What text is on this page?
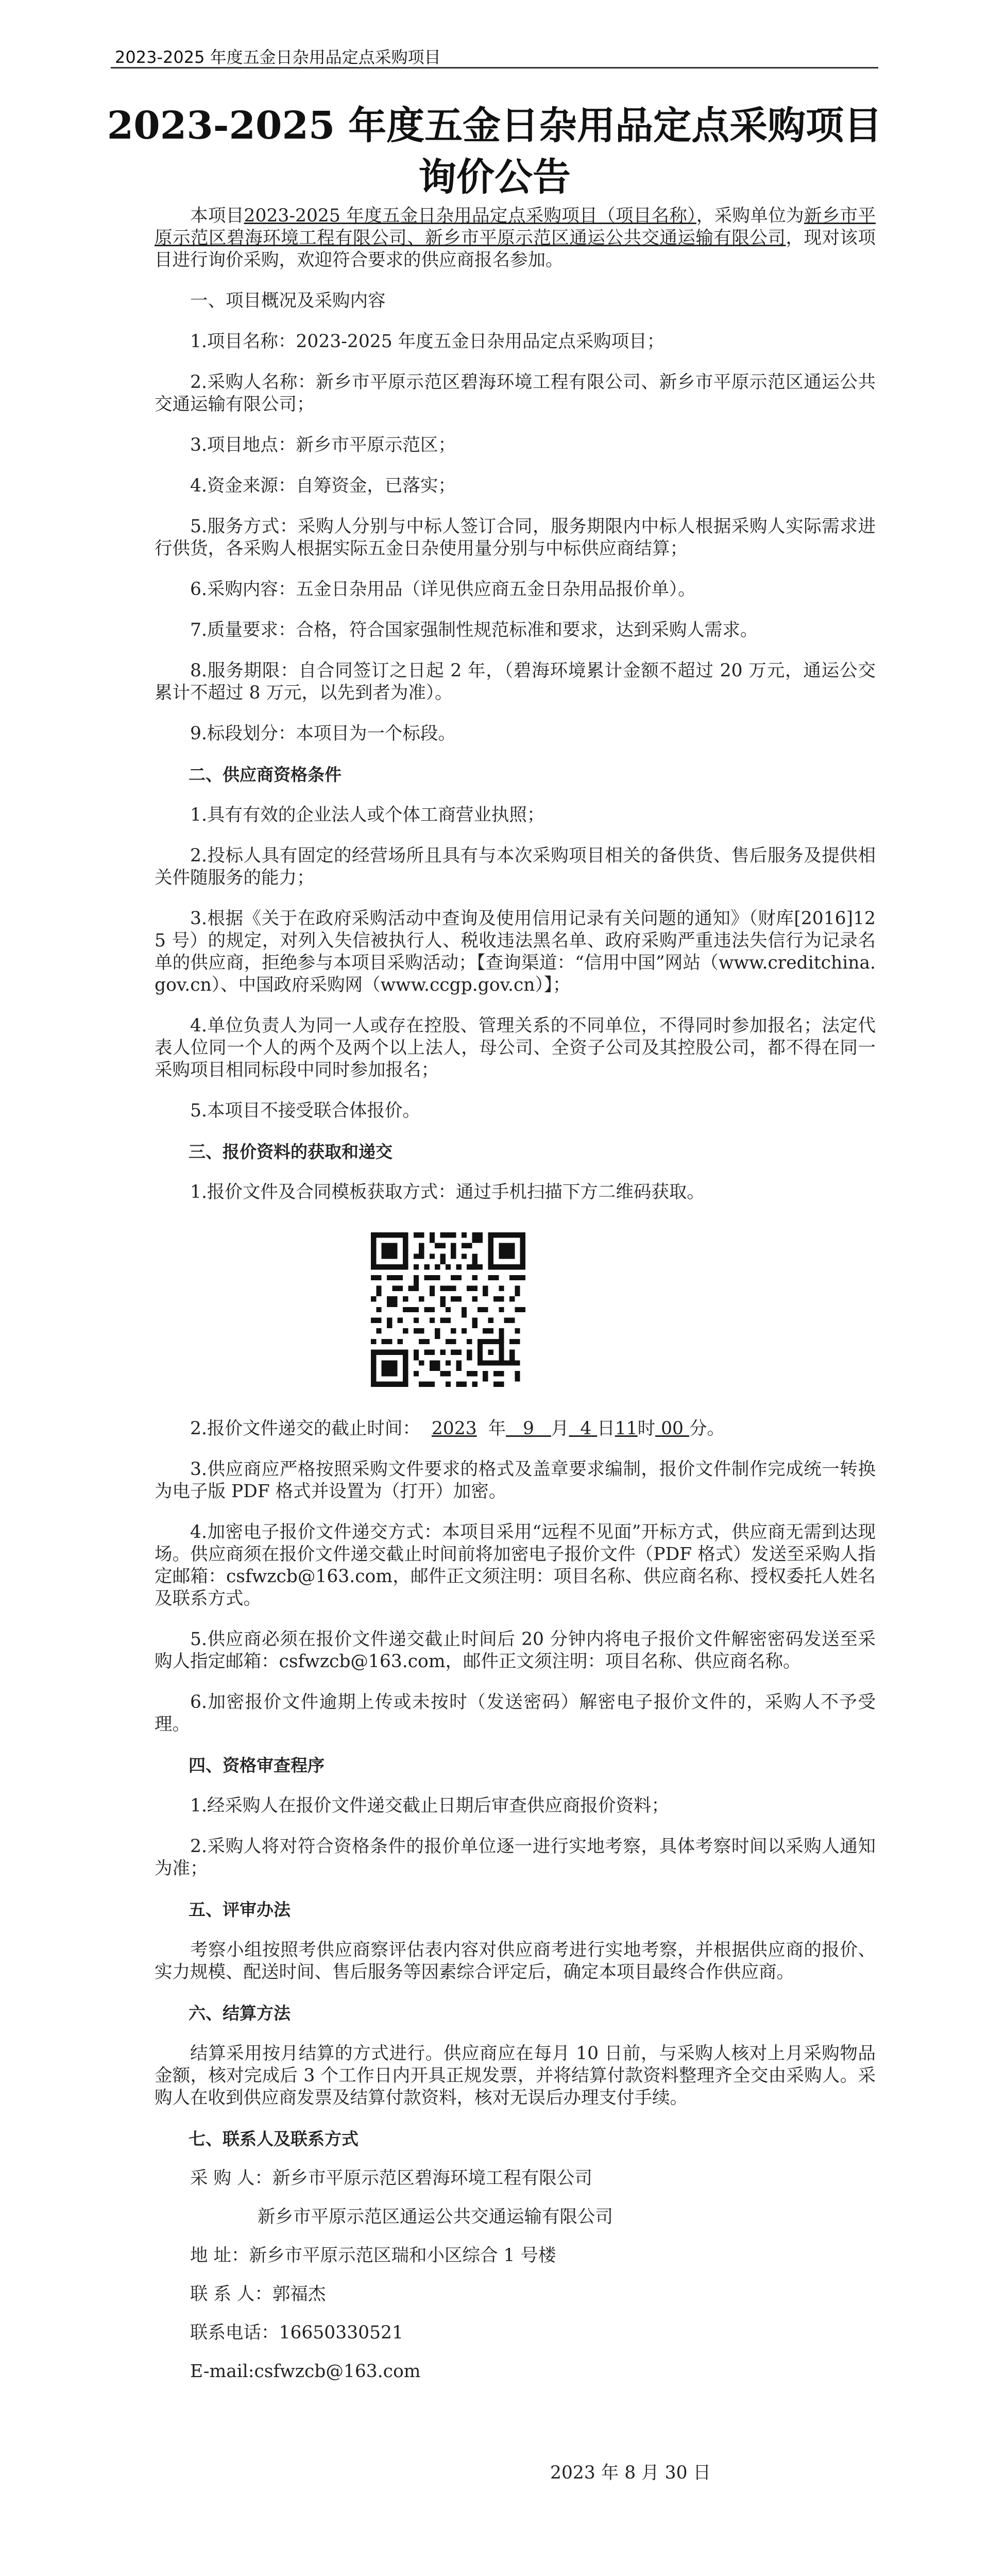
2023-2025 年度五金日杂用品定点采购项目
2023-2025 年度五金日杂用品定点采购项目
询价公告

本项目2023-2025 年度五金日杂用品定点采购项目（项目名称），采购单位为新乡市平原示范区碧海环境工程有限公司、新乡市平原示范区通运公共交通运输有限公司，现对该项目进行询价采购，欢迎符合要求的供应商报名参加。

一、项目概况及采购内容

1.项目名称：2023-2025 年度五金日杂用品定点采购项目；

2.采购人名称：新乡市平原示范区碧海环境工程有限公司、新乡市平原示范区通运公共交通运输有限公司；

3.项目地点：新乡市平原示范区；

4.资金来源：自筹资金，已落实；

5.服务方式：采购人分别与中标人签订合同，服务期限内中标人根据采购人实际需求进行供货，各采购人根据实际五金日杂使用量分别与中标供应商结算；

6.采购内容：五金日杂用品（详见供应商五金日杂用品报价单）。

7.质量要求：合格，符合国家强制性规范标准和要求，达到采购人需求。

8.服务期限：自合同签订之日起 2 年，（碧海环境累计金额不超过 20 万元，通运公交累计不超过 8 万元，以先到者为准）。

9.标段划分：本项目为一个标段。

二、供应商资格条件

1.具有有效的企业法人或个体工商营业执照；

2.投标人具有固定的经营场所且具有与本次采购项目相关的备供货、售后服务及提供相关件随服务的能力；

3.根据《关于在政府采购活动中查询及使用信用记录有关问题的通知》（财库[2016]125 号）的规定，对列入失信被执行人、税收违法黑名单、政府采购严重违法失信行为记录名单的供应商，拒绝参与本项目采购活动；【查询渠道：“信用中国”网站（www.creditchina.gov.cn）、中国政府采购网（www.ccgp.gov.cn）】；

4.单位负责人为同一人或存在控股、管理关系的不同单位，不得同时参加报名；法定代表人位同一个人的两个及两个以上法人，母公司、全资子公司及其控股公司，都不得在同一采购项目相同标段中同时参加报名；

5.本项目不接受联合体报价。

三、报价资料的获取和递交

1.报价文件及合同模板获取方式：通过手机扫描下方二维码获取。

2.报价文件递交的截止时间： 2023 年 9 月 4 日11时 00 分。

3.供应商应严格按照采购文件要求的格式及盖章要求编制，报价文件制作完成统一转换为电子版 PDF 格式并设置为（打开）加密。

4.加密电子报价文件递交方式：本项目采用“远程不见面”开标方式，供应商无需到达现场。供应商须在报价文件递交截止时间前将加密电子报价文件（PDF 格式）发送至采购人指定邮箱：csfwzcb@163.com，邮件正文须注明：项目名称、供应商名称、授权委托人姓名及联系方式。

5.供应商必须在报价文件递交截止时间后 20 分钟内将电子报价文件解密密码发送至采购人指定邮箱：csfwzcb@163.com，邮件正文须注明：项目名称、供应商名称。

6.加密报价文件逾期上传或未按时（发送密码）解密电子报价文件的，采购人不予受理。

四、资格审查程序

1.经采购人在报价文件递交截止日期后审查供应商报价资料；

2.采购人将对符合资格条件的报价单位逐一进行实地考察，具体考察时间以采购人通知为准；

五、评审办法

考察小组按照考供应商察评估表内容对供应商考进行实地考察，并根据供应商的报价、实力规模、配送时间、售后服务等因素综合评定后，确定本项目最终合作供应商。

六、结算方法

结算采用按月结算的方式进行。供应商应在每月 10 日前，与采购人核对上月采购物品金额，核对完成后 3 个工作日内开具正规发票，并将结算付款资料整理齐全交由采购人。采购人在收到供应商发票及结算付款资料，核对无误后办理支付手续。

七、联系人及联系方式

采 购 人：新乡市平原示范区碧海环境工程有限公司

新乡市平原示范区通运公共交通运输有限公司

地 址：新乡市平原示范区瑞和小区综合 1 号楼

联 系 人：郭福杰

联系电话：16650330521

E-mail:csfwzcb@163.com

2023 年 8 月 30 日
